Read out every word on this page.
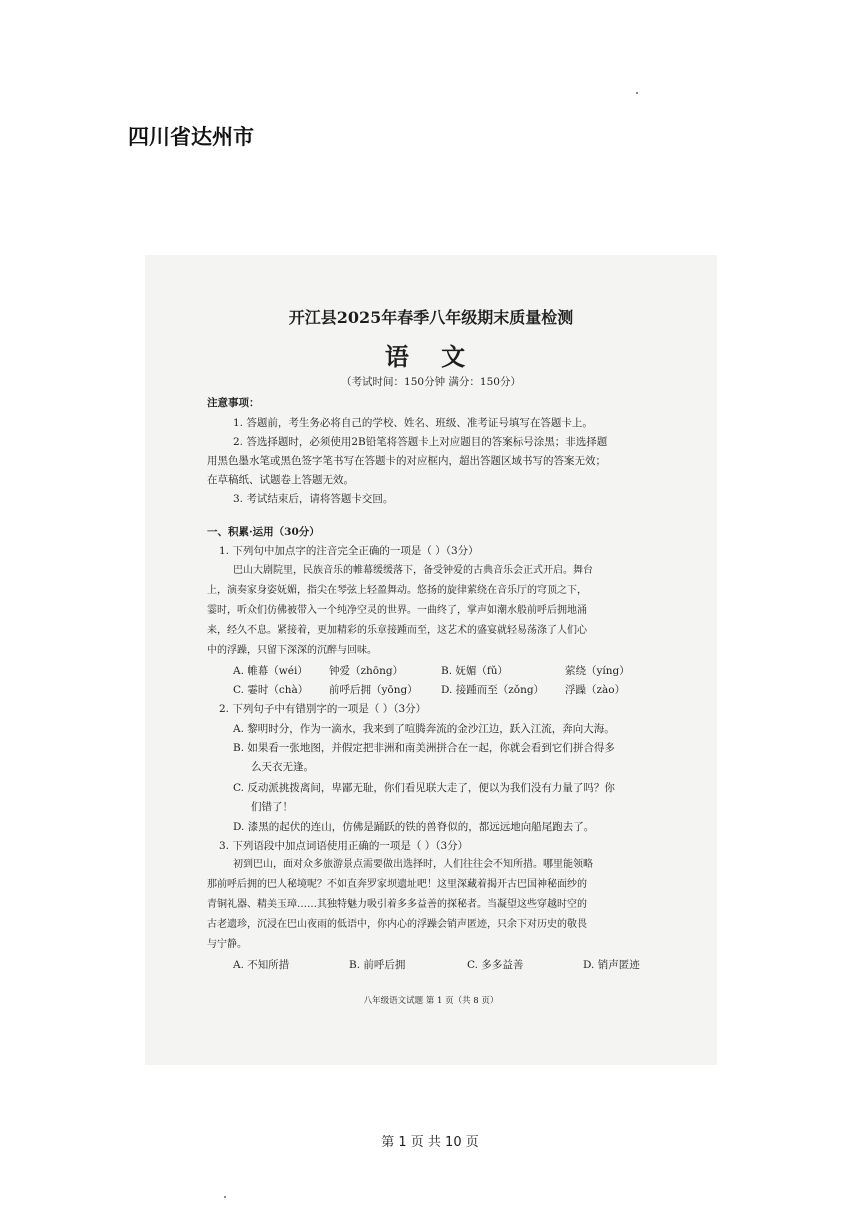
四川省达州市
开江县2025年春季八年级期末质量检测
语 文
（考试时间：150分钟 满分：150分）
注意事项：
1. 答题前，考生务必将自己的学校、姓名、班级、准考证号填写在答题卡上。
2. 答选择题时，必须使用2B铅笔将答题卡上对应题目的答案标号涂黑；非选择题
用黑色墨水笔或黑色签字笔书写在答题卡的对应框内，超出答题区域书写的答案无效；
在草稿纸、试题卷上答题无效。
3. 考试结束后，请将答题卡交回。
一、积累·运用（30分）
1. 下列句中加点字的注音完全正确的一项是（ ）（3分）
巴山大剧院里，民族音乐的帷幕缓缓落下，备受钟爱的古典音乐会正式开启。舞台
上，演奏家身姿妩媚，指尖在琴弦上轻盈舞动。悠扬的旋律萦绕在音乐厅的穹顶之下，
霎时，听众们仿佛被带入一个纯净空灵的世界。一曲终了，掌声如潮水般前呼后拥地涌
来，经久不息。紧接着，更加精彩的乐章接踵而至，这艺术的盛宴就轻易荡涤了人们心
中的浮躁，只留下深深的沉醉与回味。
A. 帷幕（wéi） 钟爱（zhōng）	B. 妩媚（fǔ）	萦绕（yíng）
C. 霎时（chà） 前呼后拥（yōng） D. 接踵而至（zǒng） 浮躁（zào）
2. 下列句子中有错别字的一项是（ ）（3分）
A. 黎明时分，作为一滴水，我来到了喧腾奔流的金沙江边，跃入江流，奔向大海。
B. 如果看一张地图，并假定把非洲和南美洲拼合在一起，你就会看到它们拼合得多
么天衣无逢。
C. 反动派挑拨离间，卑鄙无耻，你们看见联大走了，便以为我们没有力量了吗？你
们错了！
D. 漆黑的起伏的连山，仿佛是踊跃的铁的兽脊似的，都远远地向船尾跑去了。
3. 下列语段中加点词语使用正确的一项是（ ）（3分）
初到巴山，面对众多旅游景点需要做出选择时，人们往往会不知所措。哪里能领略
那前呼后拥的巴人秘境呢？不如直奔罗家坝遗址吧！这里深藏着揭开古巴国神秘面纱的
青铜礼器、精美玉璋……其独特魅力吸引着多多益善的探秘者。当凝望这些穿越时空的
古老遗珍，沉浸在巴山夜雨的低语中，你内心的浮躁会销声匿迹，只余下对历史的敬畏
与宁静。
A. 不知所措	B. 前呼后拥	C. 多多益善	D. 销声匿迹
八年级语文试题 第 1 页（共 8 页）
第 1 页 共 10 页
